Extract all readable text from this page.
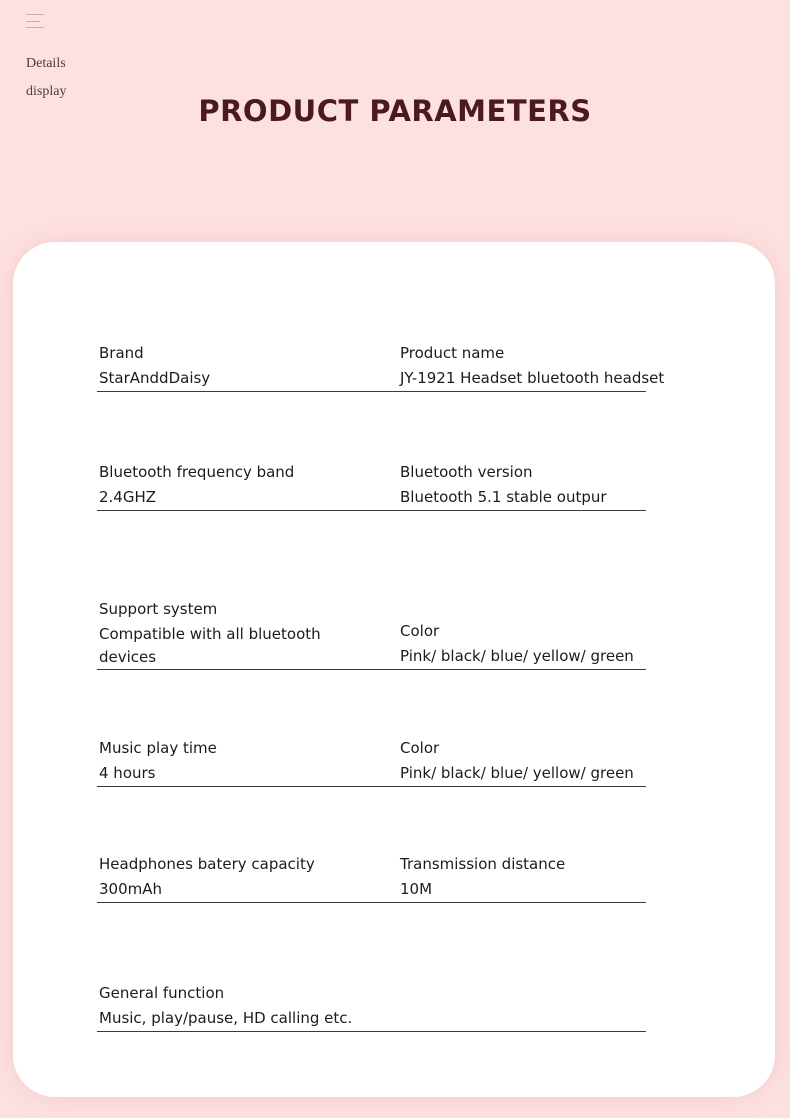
Details display
PRODUCT PARAMETERS
Brand
StarAnddDaisy
Product name
JY-1921 Headset bluetooth headset
Bluetooth frequency band
2.4GHZ
Bluetooth version
Bluetooth 5.1 stable outpur
Support system
Compatible with all bluetooth devices
Color
Pink/ black/ blue/ yellow/ green
Music play time
4 hours
Color
Pink/ black/ blue/ yellow/ green
Headphones batery capacity
300mAh
Transmission distance
10M
General function
Music, play/pause, HD calling etc.
